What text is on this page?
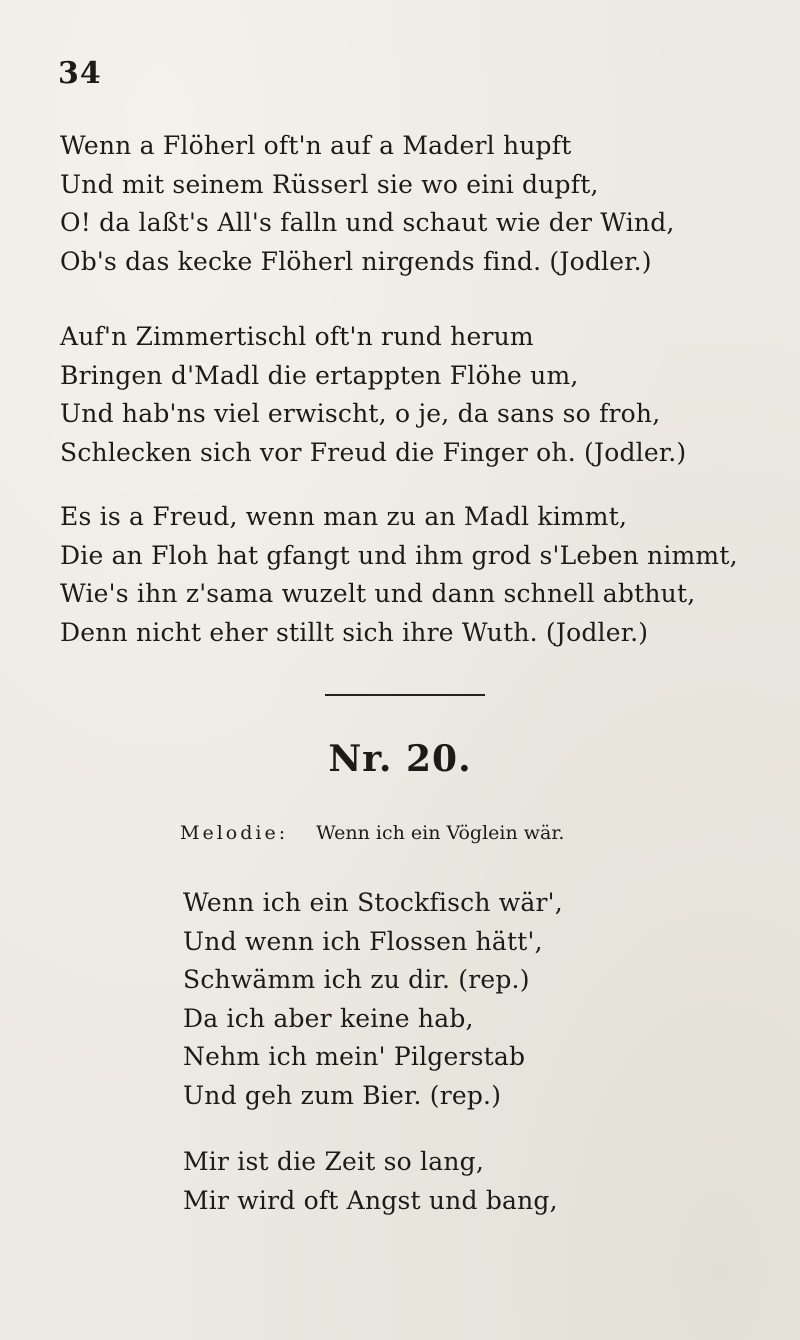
34
Wenn a Flöherl oft'n auf a Maderl hupft
Und mit seinem Rüsserl sie wo eini dupft,
O! da laßt's All's falln und schaut wie der Wind,
Ob's das kecke Flöherl nirgends find. (Jodler.)
Auf'n Zimmertischl oft'n rund herum
Bringen d'Madl die ertappten Flöhe um,
Und hab'ns viel erwischt, o je, da sans so froh,
Schlecken sich vor Freud die Finger oh. (Jodler.)
Es is a Freud, wenn man zu an Madl kimmt,
Die an Floh hat gfangt und ihm grod s'Leben nimmt,
Wie's ihn z'sama wuzelt und dann schnell abthut,
Denn nicht eher stillt sich ihre Wuth. (Jodler.)
Nr. 20.
Melodie: Wenn ich ein Vöglein wär.
Wenn ich ein Stockfisch wär',
Und wenn ich Flossen hätt',
Schwämm ich zu dir. (rep.)
Da ich aber keine hab,
Nehm ich mein' Pilgerstab
Und geh zum Bier. (rep.)
Mir ist die Zeit so lang,
Mir wird oft Angst und bang,
